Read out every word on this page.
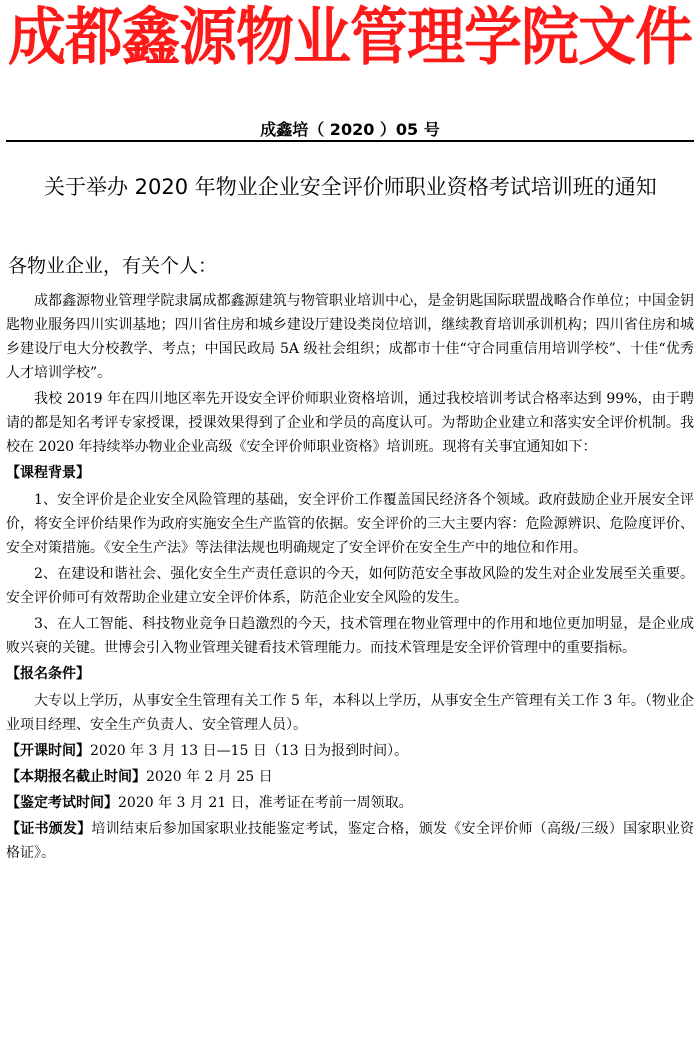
成都鑫源物业管理学院文件
成鑫培（ 2020 ）05 号
关于举办 2020 年物业企业安全评价师职业资格考试培训班的通知
各物业企业，有关个人：

成都鑫源物业管理学院隶属成都鑫源建筑与物管职业培训中心，是金钥匙国际联盟战略合作单位；中国金钥匙物业服务四川实训基地；四川省住房和城乡建设厅建设类岗位培训，继续教育培训承训机构；四川省住房和城乡建设厅电大分校教学、考点；中国民政局 5A 级社会组织；成都市十佳“守合同重信用培训学校”、十佳“优秀人才培训学校”。

我校 2019 年在四川地区率先开设安全评价师职业资格培训，通过我校培训考试合格率达到 99%，由于聘请的都是知名考评专家授课，授课效果得到了企业和学员的高度认可。为帮助企业建立和落实安全评价机制。我校在 2020 年持续举办物业企业高级《安全评价师职业资格》培训班。现将有关事宜通知如下：

【课程背景】

1、安全评价是企业安全风险管理的基础，安全评价工作覆盖国民经济各个领域。政府鼓励企业开展安全评价，将安全评价结果作为政府实施安全生产监管的依据。安全评价的三大主要内容：危险源辨识、危险度评价、安全对策措施。《安全生产法》等法律法规也明确规定了安全评价在安全生产中的地位和作用。

2、在建设和谐社会、强化安全生产责任意识的今天，如何防范安全事故风险的发生对企业发展至关重要。安全评价师可有效帮助企业建立安全评价体系，防范企业安全风险的发生。

3、在人工智能、科技物业竞争日趋激烈的今天，技术管理在物业管理中的作用和地位更加明显，是企业成败兴衰的关键。世博会引入物业管理关键看技术管理能力。而技术管理是安全评价管理中的重要指标。

【报名条件】

大专以上学历，从事安全生管理有关工作 5 年，本科以上学历，从事安全生产管理有关工作 3 年。（物业企业项目经理、安全生产负责人、安全管理人员）。

【开课时间】2020 年 3 月 13 日—15 日（13 日为报到时间）。

【本期报名截止时间】2020 年 2 月 25 日

【鉴定考试时间】2020 年 3 月 21 日，准考证在考前一周领取。

【证书颁发】培训结束后参加国家职业技能鉴定考试，鉴定合格，颁发《安全评价师（高级/三级）国家职业资格证》。
